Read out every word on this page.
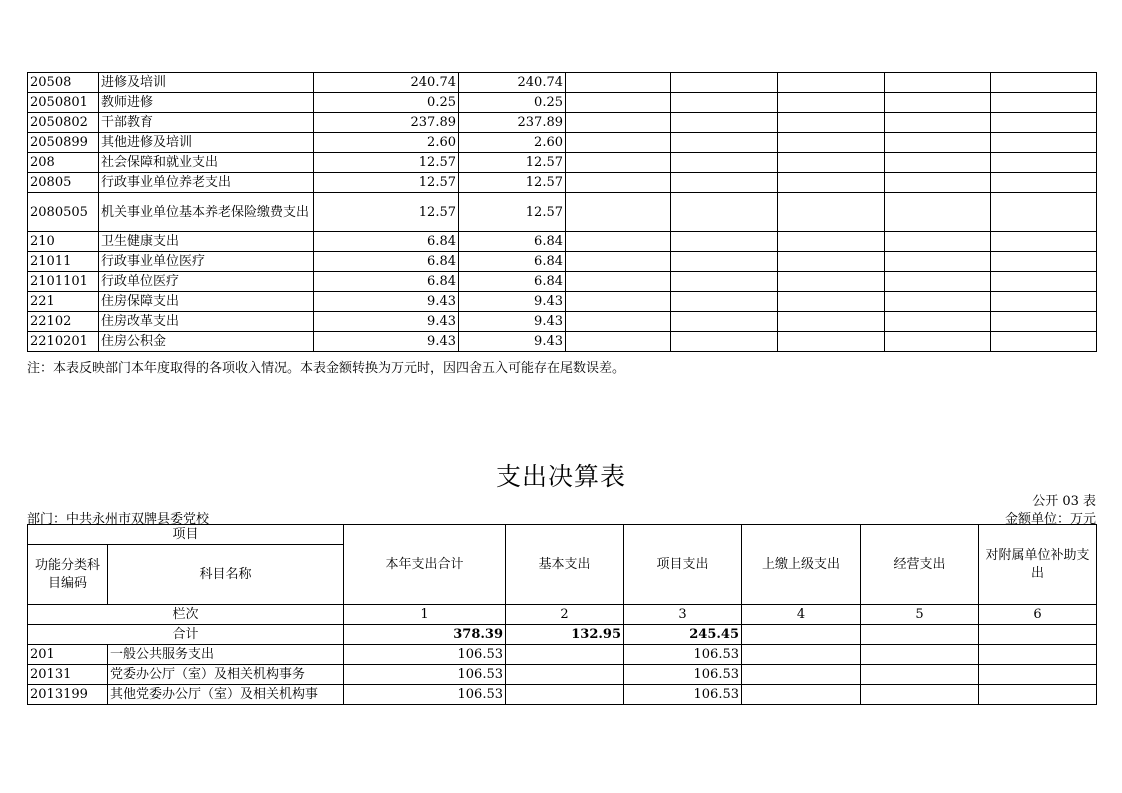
20508	进修及培训	240.74	240.74					
2050801	教师进修	0.25	0.25					
2050802	干部教育	237.89	237.89					
2050899	其他进修及培训	2.60	2.60					
208	社会保障和就业支出	12.57	12.57					
20805	行政事业单位养老支出	12.57	12.57					
2080505	机关事业单位基本养老保险缴费支出	12.57	12.57					
210	卫生健康支出	6.84	6.84					
21011	行政事业单位医疗	6.84	6.84					
2101101	行政单位医疗	6.84	6.84					
221	住房保障支出	9.43	9.43					
22102	住房改革支出	9.43	9.43					
2210201	住房公积金	9.43	9.43					
注：本表反映部门本年度取得的各项收入情况。本表金额转换为万元时，因四舍五入可能存在尾数误差。
支出决算表
公开 03 表
部门：中共永州市双牌县委党校	金额单位：万元
项目		本年支出合计	基本支出	项目支出	上缴上级支出	经营支出	对附属单位补助支出
功能分类科目编码	科目名称						
栏次		1	2	3	4	5	6
合计		378.39	132.95	245.45			
201	一般公共服务支出	106.53		106.53			
20131	党委办公厅（室）及相关机构事务	106.53		106.53			
2013199	其他党委办公厅（室）及相关机构事	106.53		106.53			
